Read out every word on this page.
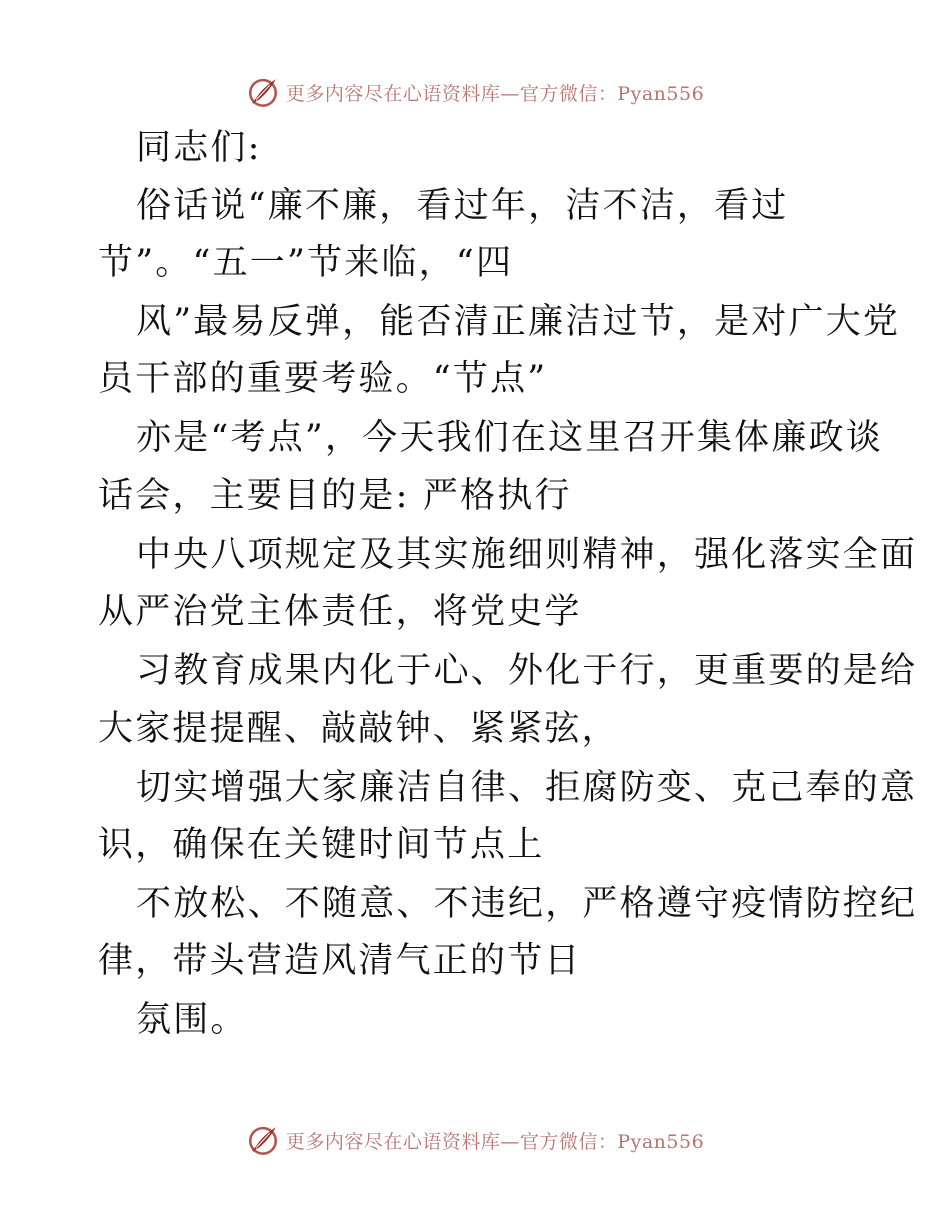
更多内容尽在心语资料库—官方微信：Pyan556
同志们:
俗话说“廉不廉，看过年，洁不洁，看过
节”。“五一”节来临，“四
风”最易反弹，能否清正廉洁过节，是对广大党
员干部的重要考验。“节点”
亦是“考点”，今天我们在这里召开集体廉政谈
话会，主要目的是: 严格执行
中央八项规定及其实施细则精神，强化落实全面
从严治党主体责任，将党史学
习教育成果内化于心、外化于行，更重要的是给
大家提提醒、敲敲钟、紧紧弦，
切实增强大家廉洁自律、拒腐防变、克己奉的意
识，确保在关键时间节点上
不放松、不随意、不违纪，严格遵守疫情防控纪
律，带头营造风清气正的节日
氛围。
更多内容尽在心语资料库—官方微信：Pyan556
